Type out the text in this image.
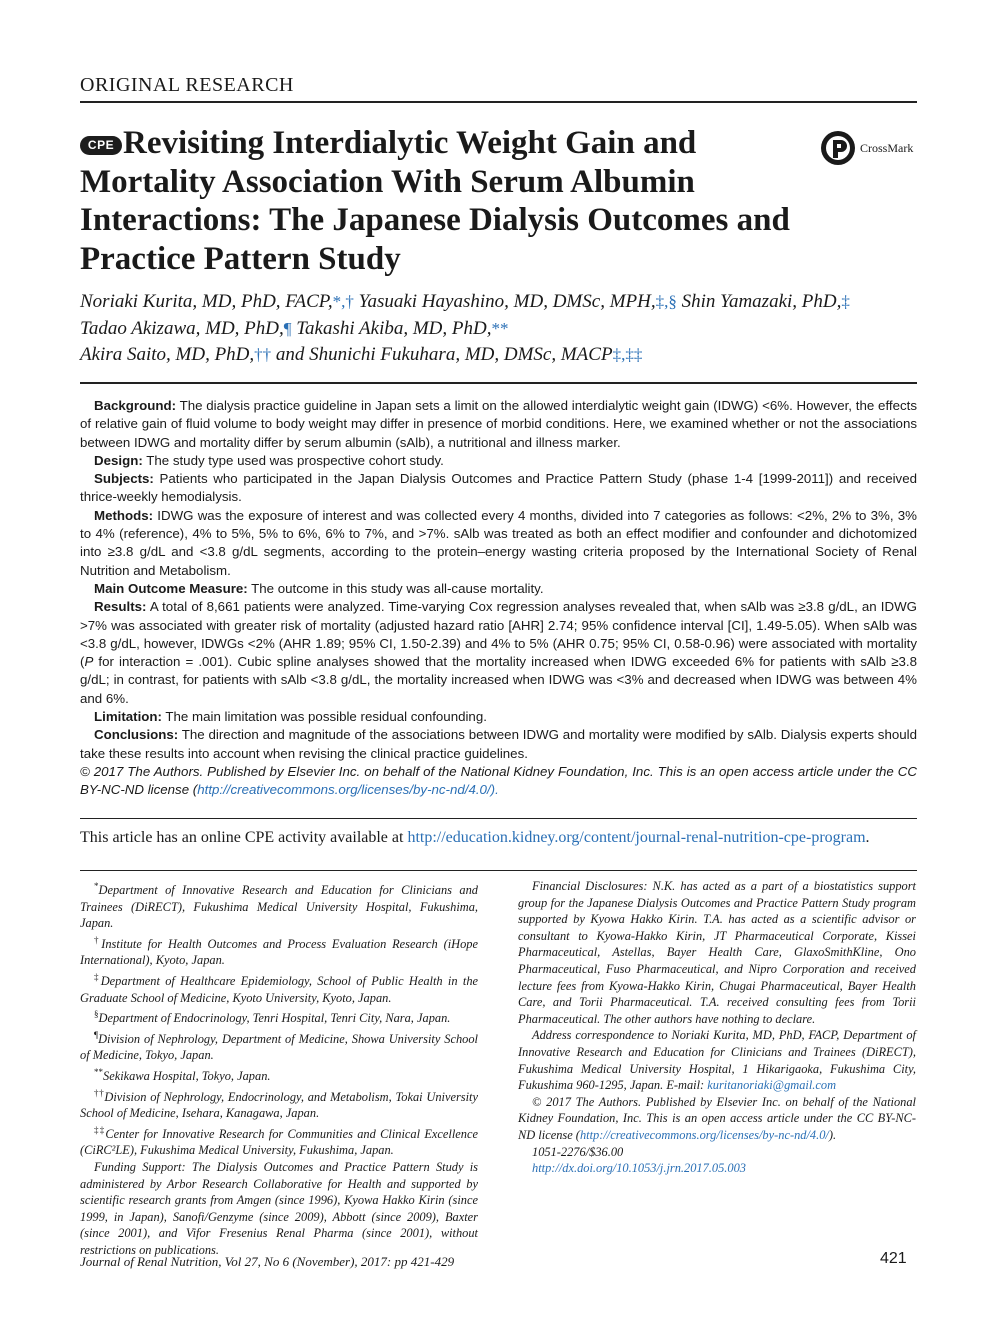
ORIGINAL RESEARCH
CPE Revisiting Interdialytic Weight Gain and Mortality Association With Serum Albumin Interactions: The Japanese Dialysis Outcomes and Practice Pattern Study
CrossMark
Noriaki Kurita, MD, PhD, FACP,*,† Yasuaki Hayashino, MD, DMSc, MPH,‡,§ Shin Yamazaki, PhD,‡
Tadao Akizawa, MD, PhD,¶ Takashi Akiba, MD, PhD,**
Akira Saito, MD, PhD,†† and Shunichi Fukuhara, MD, DMSc, MACP‡,‡‡

Background: The dialysis practice guideline in Japan sets a limit on the allowed interdialytic weight gain (IDWG) <6%. However, the effects of relative gain of fluid volume to body weight may differ in presence of morbid conditions. Here, we examined whether or not the associations between IDWG and mortality differ by serum albumin (sAlb), a nutritional and illness marker.

Design: The study type used was prospective cohort study.

Subjects: Patients who participated in the Japan Dialysis Outcomes and Practice Pattern Study (phase 1-4 [1999-2011]) and received thrice-weekly hemodialysis.

Methods: IDWG was the exposure of interest and was collected every 4 months, divided into 7 categories as follows: <2%, 2% to 3%, 3% to 4% (reference), 4% to 5%, 5% to 6%, 6% to 7%, and >7%. sAlb was treated as both an effect modifier and confounder and dichotomized into ≥3.8 g/dL and <3.8 g/dL segments, according to the protein–energy wasting criteria proposed by the International Society of Renal Nutrition and Metabolism.

Main Outcome Measure: The outcome in this study was all-cause mortality.

Results: A total of 8,661 patients were analyzed. Time-varying Cox regression analyses revealed that, when sAlb was ≥3.8 g/dL, an IDWG >7% was associated with greater risk of mortality (adjusted hazard ratio [AHR] 2.74; 95% confidence interval [CI], 1.49-5.05). When sAlb was <3.8 g/dL, however, IDWGs <2% (AHR 1.89; 95% CI, 1.50-2.39) and 4% to 5% (AHR 0.75; 95% CI, 0.58-0.96) were associated with mortality (P for interaction = .001). Cubic spline analyses showed that the mortality increased when IDWG exceeded 6% for patients with sAlb ≥3.8 g/dL; in contrast, for patients with sAlb <3.8 g/dL, the mortality increased when IDWG was <3% and decreased when IDWG was between 4% and 6%.

Limitation: The main limitation was possible residual confounding.

Conclusions: The direction and magnitude of the associations between IDWG and mortality were modified by sAlb. Dialysis experts should take these results into account when revising the clinical practice guidelines.

© 2017 The Authors. Published by Elsevier Inc. on behalf of the National Kidney Foundation, Inc. This is an open access article under the CC BY-NC-ND license (http://creativecommons.org/licenses/by-nc-nd/4.0/).

This article has an online CPE activity available at http://education.kidney.org/content/journal-renal-nutrition-cpe-program.

*Department of Innovative Research and Education for Clinicians and Trainees (DiRECT), Fukushima Medical University Hospital, Fukushima, Japan.

†Institute for Health Outcomes and Process Evaluation Research (iHope International), Kyoto, Japan.

‡Department of Healthcare Epidemiology, School of Public Health in the Graduate School of Medicine, Kyoto University, Kyoto, Japan.

§Department of Endocrinology, Tenri Hospital, Tenri City, Nara, Japan.

¶Division of Nephrology, Department of Medicine, Showa University School of Medicine, Tokyo, Japan.

**Sekikawa Hospital, Tokyo, Japan.

††Division of Nephrology, Endocrinology, and Metabolism, Tokai University School of Medicine, Isehara, Kanagawa, Japan.

‡‡Center for Innovative Research for Communities and Clinical Excellence (CiRC²LE), Fukushima Medical University, Fukushima, Japan.

Funding Support: The Dialysis Outcomes and Practice Pattern Study is administered by Arbor Research Collaborative for Health and supported by scientific research grants from Amgen (since 1996), Kyowa Hakko Kirin (since 1999, in Japan), Sanofi/Genzyme (since 2009), Abbott (since 2009), Baxter (since 2001), and Vifor Fresenius Renal Pharma (since 2001), without restrictions on publications.

Financial Disclosures: N.K. has acted as a part of a biostatistics support group for the Japanese Dialysis Outcomes and Practice Pattern Study program supported by Kyowa Hakko Kirin. T.A. has acted as a scientific advisor or consultant to Kyowa-Hakko Kirin, JT Pharmaceutical Corporate, Kissei Pharmaceutical, Astellas, Bayer Health Care, GlaxoSmithKline, Ono Pharmaceutical, Fuso Pharmaceutical, and Nipro Corporation and received lecture fees from Kyowa-Hakko Kirin, Chugai Pharmaceutical, Bayer Health Care, and Torii Pharmaceutical. T.A. received consulting fees from Torii Pharmaceutical. The other authors have nothing to declare.

Address correspondence to Noriaki Kurita, MD, PhD, FACP, Department of Innovative Research and Education for Clinicians and Trainees (DiRECT), Fukushima Medical University Hospital, 1 Hikarigaoka, Fukushima City, Fukushima 960-1295, Japan. E-mail: kuritanoriaki@gmail.com

© 2017 The Authors. Published by Elsevier Inc. on behalf of the National Kidney Foundation, Inc. This is an open access article under the CC BY-NC-ND license (http://creativecommons.org/licenses/by-nc-nd/4.0/).

1051-2276/$36.00

http://dx.doi.org/10.1053/j.jrn.2017.05.003

Journal of Renal Nutrition, Vol 27, No 6 (November), 2017: pp 421-429	421
